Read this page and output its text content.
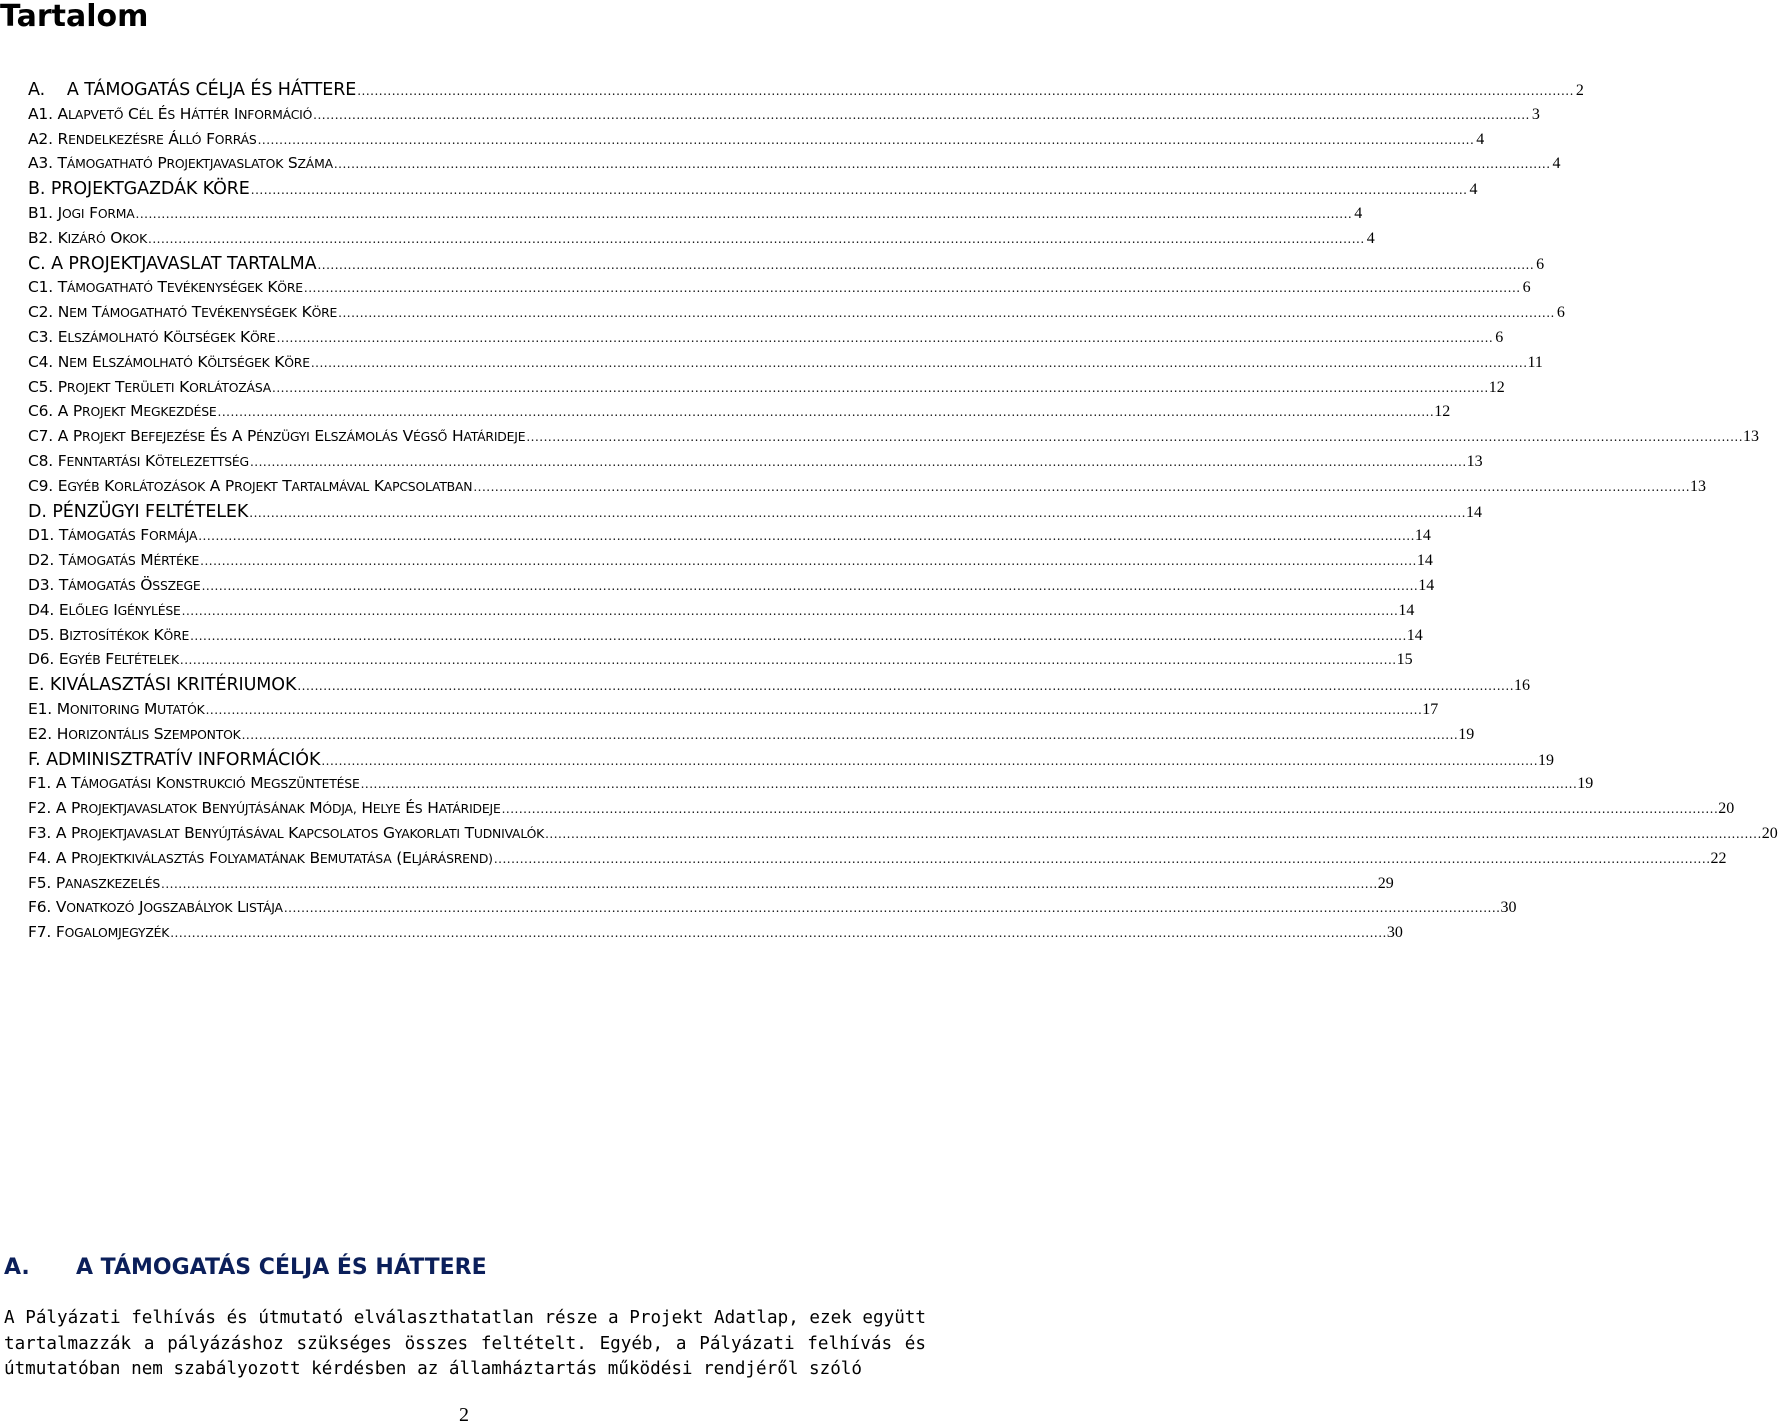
Tartalom
A. A TÁMOGATÁS CÉLJA ÉS HÁTTERE .....	2
A1. ALAPVETŐ CÉL ÉS HÁTTÉR INFORMÁCIÓ .....	3
A2. RENDELKEZÉSRE ÁLLÓ FORRÁS .....	4
A3. TÁMOGATHATÓ PROJEKTJAVASLATOK SZÁMA .....	4
B. PROJEKTGAZDÁK KÖRE .....	4
B1. JOGI FORMA .....	4
B2. KIZÁRÓ OKOK .....	4
C. A PROJEKTJAVASLAT TARTALMA .....	6
C1. TÁMOGATHATÓ TEVÉKENYSÉGEK KÖRE .....	6
C2. NEM TÁMOGATHATÓ TEVÉKENYSÉGEK KÖRE .....	6
C3. ELSZÁMOLHATÓ KÖLTSÉGEK KÖRE .....	6
C4. NEM ELSZÁMOLHATÓ KÖLTSÉGEK KÖRE .....	11
C5. PROJEKT TERÜLETI KORLÁTOZÁSA .....	12
C6. A PROJEKT MEGKEZDÉSE .....	12
C7. A PROJEKT BEFEJEZÉSE ÉS A PÉNZÜGYI ELSZÁMOLÁS VÉGSŐ HATÁRIDEJE .....	13
C8. FENNTARTÁSI KÖTELEZETTSÉG .....	13
C9. EGYÉB KORLÁTOZÁSOK A PROJEKT TARTALMÁVAL KAPCSOLATBAN .....	13
D. PÉNZÜGYI FELTÉTELEK .....	14
D1. TÁMOGATÁS FORMÁJA .....	14
D2. TÁMOGATÁS MÉRTÉKE .....	14
D3. TÁMOGATÁS ÖSSZEGE .....	14
D4. ELŐLEG IGÉNYLÉSE .....	14
D5. BIZTOSÍTÉKOK KÖRE .....	14
D6. EGYÉB FELTÉTELEK .....	15
E. KIVÁLASZTÁSI KRITÉRIUMOK .....	16
E1. MONITORING MUTATÓK .....	17
E2. HORIZONTÁLIS SZEMPONTOK .....	19
F. ADMINISZTRATÍV INFORMÁCIÓK .....	19
F1. A TÁMOGATÁSI KONSTRUKCIÓ MEGSZÜNTETÉSE .....	19
F2. A PROJEKTJAVASLATOK BENYÚJTÁSÁNAK MÓDJA, HELYE ÉS HATÁRIDEJE .....	20
F3. A PROJEKTJAVASLAT BENYÚJTÁSÁVAL KAPCSOLATOS GYAKORLATI TUDNIVALÓK .....	20
F4. A PROJEKTKIVÁLASZTÁS FOLYAMATÁNAK BEMUTATÁSA (ELJÁRÁSREND) .....	22
F5. PANASZKEZELÉS .....	29
F6. VONATKOZÓ JOGSZABÁLYOK LISTÁJA .....	30
F7. FOGALOMJEGYZÉK .....	30
A.	A TÁMOGATÁS CÉLJA ÉS HÁTTERE

A Pályázati felhívás és útmutató elválaszthatatlan része a Projekt Adatlap, ezek együtt tartalmazzák a pályázáshoz szükséges összes feltételt. Egyéb, a Pályázati felhívás és útmutatóban nem szabályozott kérdésben az államháztartás működési rendjéről szóló

2
